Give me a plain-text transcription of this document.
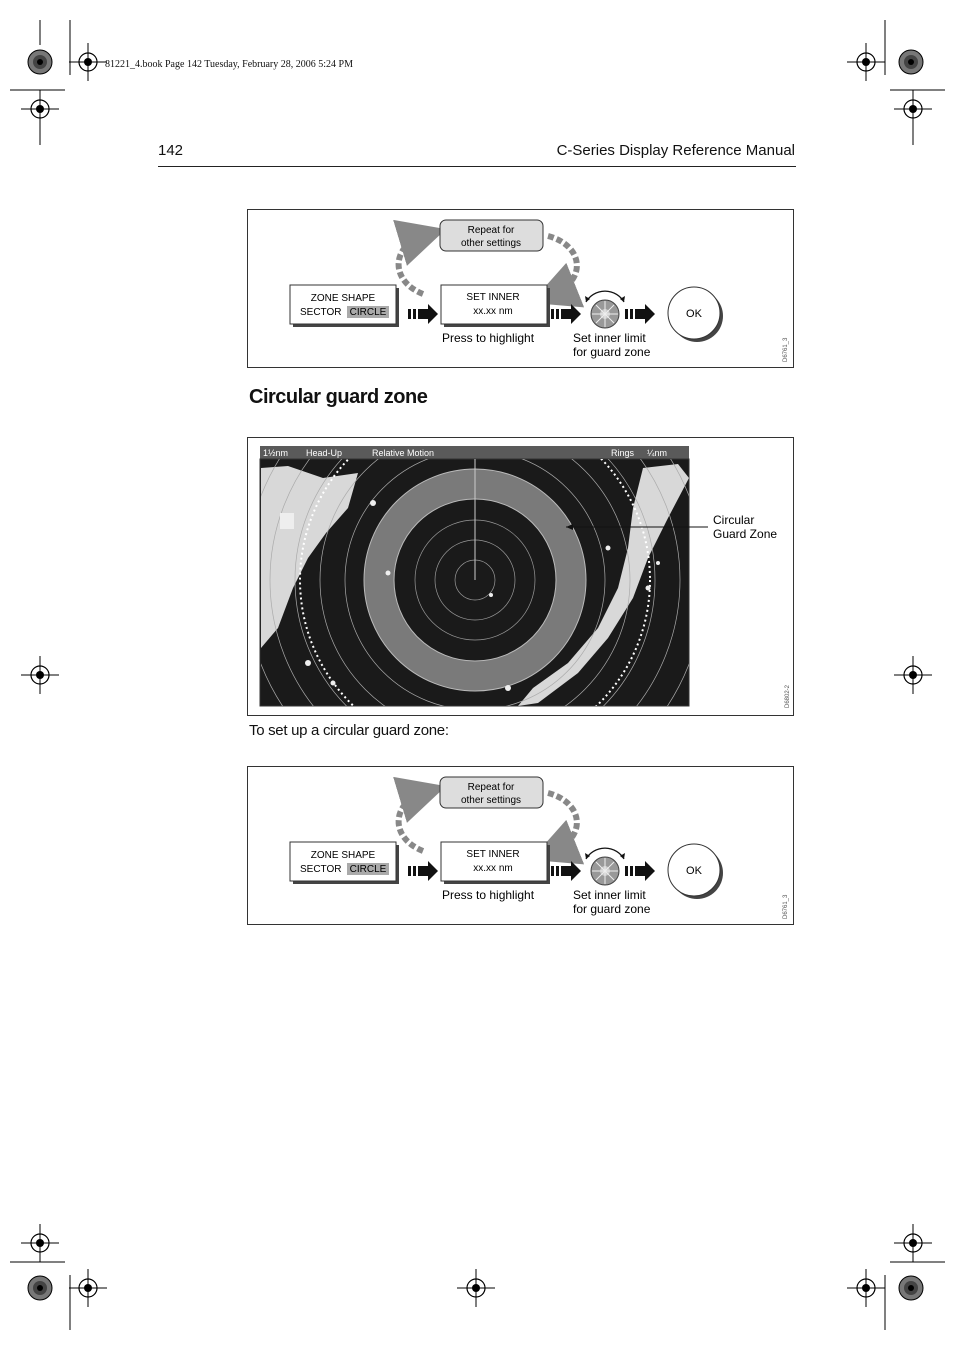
81221_4.book Page 142 Tuesday, February 28, 2006 5:24 PM
142	C-Series Display Reference Manual
Repeat for
other settings
ZONE SHAPE
SECTOR CIRCLE
SET INNER
xx.xx nm	OK
Press to highlight	Set inner limit
for guard zone	D6761_3
Circular guard zone
1½nm Head-Up	Relative Motion	Rings ¼nm
Circular
Guard Zone
D6802-2
To set up a circular guard zone:
Repeat for
other settings
ZONE SHAPE
SECTOR CIRCLE
SET INNER
xx.xx nm	OK
Press to highlight	Set inner limit
for guard zone	D6761_3
